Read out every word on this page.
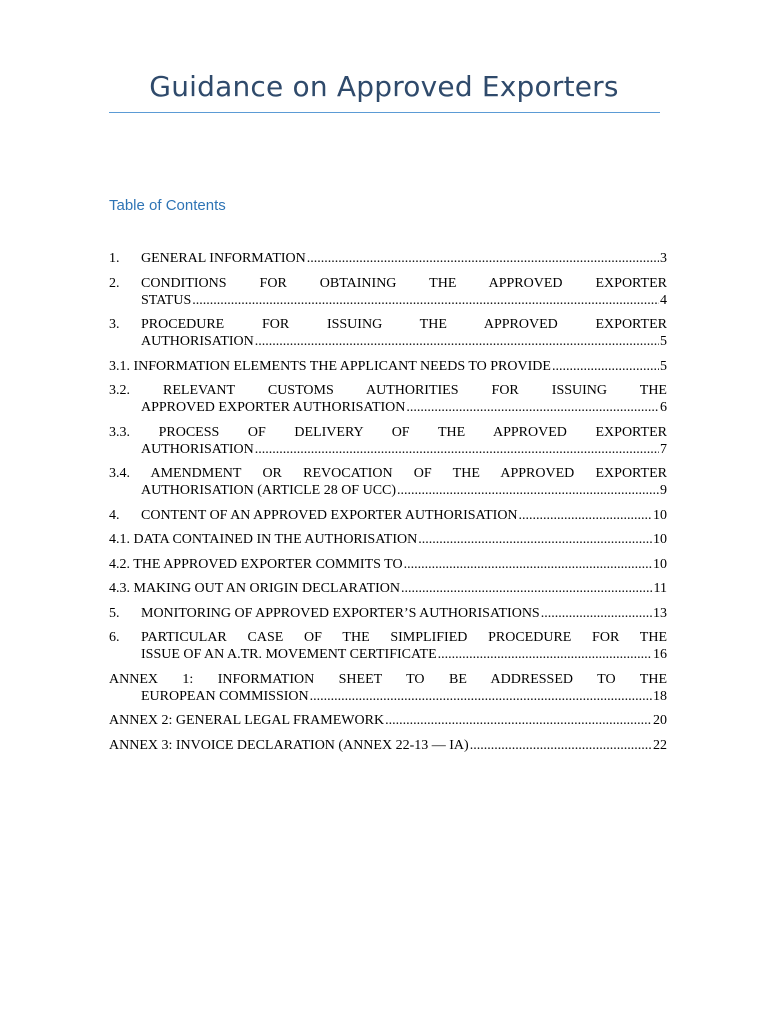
Guidance on Approved Exporters
Table of Contents
1.	GENERAL INFORMATION .....	3
2.	CONDITIONS FOR OBTAINING THE APPROVED EXPORTER
STATUS .....	4
3.	PROCEDURE FOR ISSUING THE APPROVED EXPORTER
AUTHORISATION .....	5
3.1. INFORMATION ELEMENTS THE APPLICANT NEEDS TO PROVIDE .....	5
3.2. RELEVANT CUSTOMS AUTHORITIES FOR ISSUING THE
APPROVED EXPORTER AUTHORISATION .....	6
3.3. PROCESS OF DELIVERY OF THE APPROVED EXPORTER
AUTHORISATION .....	7
3.4. AMENDMENT OR REVOCATION OF THE APPROVED EXPORTER
AUTHORISATION (ARTICLE 28 OF UCC) .....	9
4.	CONTENT OF AN APPROVED EXPORTER AUTHORISATION .....	10
4.1. DATA CONTAINED IN THE AUTHORISATION .....	10
4.2. THE APPROVED EXPORTER COMMITS TO .....	10
4.3. MAKING OUT AN ORIGIN DECLARATION .....	11
5.	MONITORING OF APPROVED EXPORTER’S AUTHORISATIONS .....	13
6.	PARTICULAR CASE OF THE SIMPLIFIED PROCEDURE FOR THE
ISSUE OF AN A.TR. MOVEMENT CERTIFICATE .....	16
ANNEX 1: INFORMATION SHEET TO BE ADDRESSED TO THE
EUROPEAN COMMISSION .....	18
ANNEX 2: GENERAL LEGAL FRAMEWORK .....	20
ANNEX 3: INVOICE DECLARATION (ANNEX 22-13 — IA) .....	22
